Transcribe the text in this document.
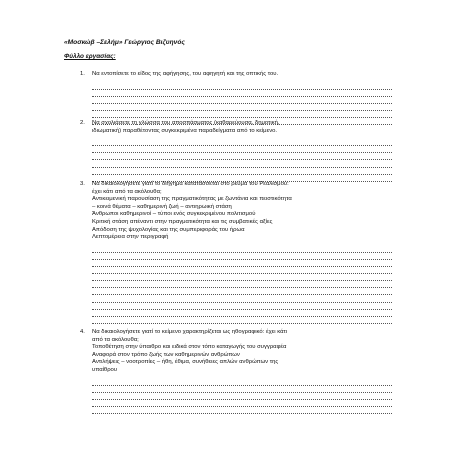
«Μοσκώβ –Σελήμ» Γεώργιος Βιζυηνός
Φύλλο εργασίας:
1. Να εντοπίσετε το είδος της αφήγησης, του αφηγητή και της οπτικής του.
2. Να σχολιάσετε τη γλώσσα του αποσπάσματος (καθαρεύουσα, δημοτική,
ιδιωματική) παραθέτοντας συγκεκριμένα παραδείγματα από το κείμενο.
3. Να δικαιολογήσετε γιατί το διήγημα κατατάσσεται στο ρεύμα του Ρεαλισμού:
έχει κάτι από τα ακόλουθα;
Αντικειμενική παρουσίαση της πραγματικότητας με ζωντάνια και πειστικότητα
– κοινά θέματα – καθημερινή ζωή – αντιηρωική στάση
Άνθρωποι καθημερινοί – τύποι ενός συγκεκριμένου πολιτισμού
Κριτική στάση απέναντι στην πραγματικότητα και τις συμβατικές αξίες
Απόδοση της ψυχολογίας και της συμπεριφοράς του ήρωα
Λεπτομέρεια στην περιγραφή
4. Να δικαιολογήσετε γιατί το κείμενο χαρακτηρίζεται ως ηθογραφικό: έχει κάτι
από τα ακόλουθα;
Τοποθέτηση στην ύπαιθρο και ειδικά στον τόπο καταγωγής του συγγραφέα
Αναφορά στον τρόπο ζωής των καθημερινών ανθρώπων
Αντιλήψεις – νοοτροπίες – ήθη, έθιμα, συνήθειες απλών ανθρώπων της
υπαίθρου
